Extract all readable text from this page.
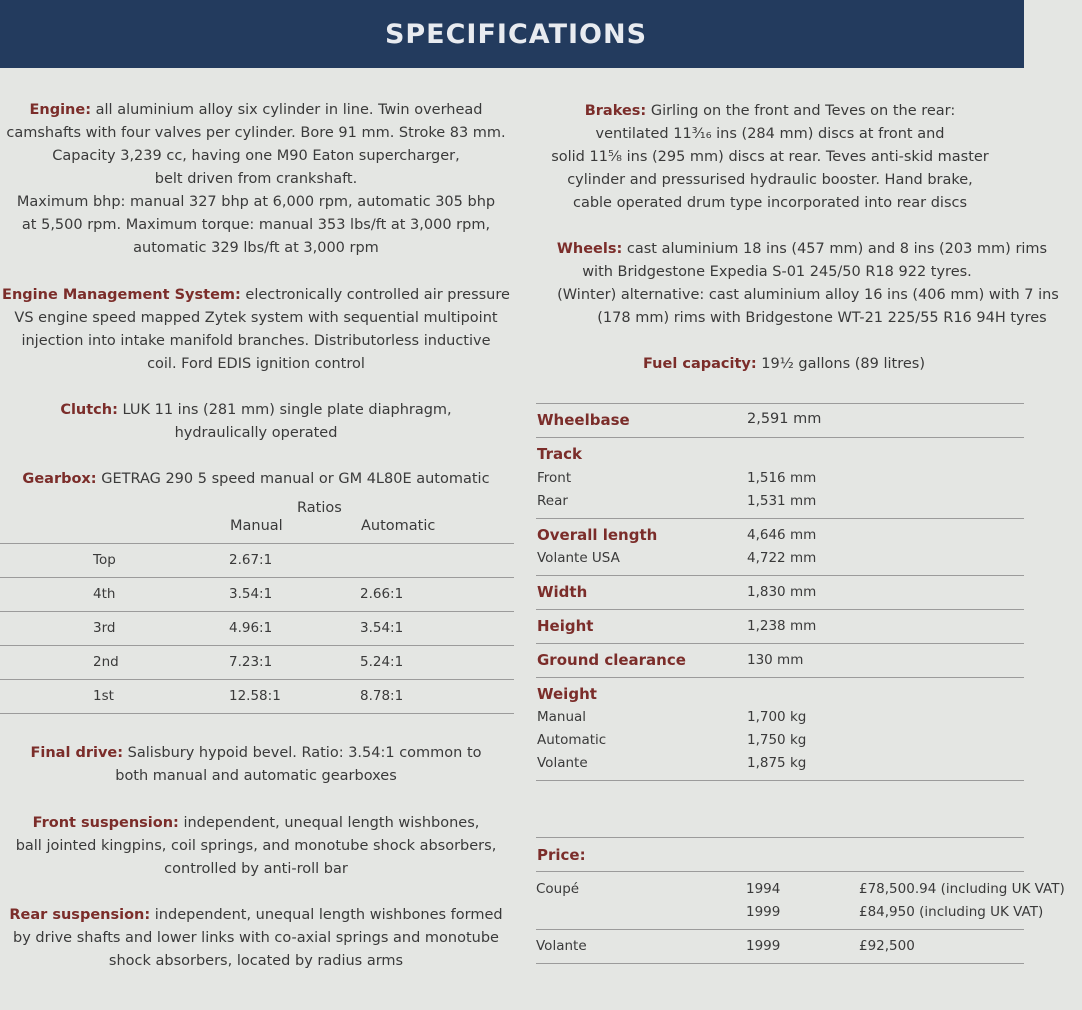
SPECIFICATIONS
Engine: all aluminium alloy six cylinder in line. Twin overhead
camshafts with four valves per cylinder. Bore 91 mm. Stroke 83 mm.
Capacity 3,239 cc, having one M90 Eaton supercharger,
belt driven from crankshaft.
Maximum bhp: manual 327 bhp at 6,000 rpm, automatic 305 bhp
at 5,500 rpm. Maximum torque: manual 353 lbs/ft at 3,000 rpm,
automatic 329 lbs/ft at 3,000 rpm
Engine Management System: electronically controlled air pressure
VS engine speed mapped Zytek system with sequential multipoint
injection into intake manifold branches. Distributorless inductive
coil. Ford EDIS ignition control
Clutch: LUK 11 ins (281 mm) single plate diaphragm,
hydraulically operated
Gearbox: GETRAG 290 5 speed manual or GM 4L80E automatic
Ratios
Manual	Automatic
Top	2.67:1
4th	3.54:1	2.66:1
3rd	4.96:1	3.54:1
2nd	7.23:1	5.24:1
1st	12.58:1	8.78:1
Final drive: Salisbury hypoid bevel. Ratio: 3.54:1 common to
both manual and automatic gearboxes
Front suspension: independent, unequal length wishbones,
ball jointed kingpins, coil springs, and monotube shock absorbers,
controlled by anti-roll bar
Rear suspension: independent, unequal length wishbones formed
by drive shafts and lower links with co-axial springs and monotube
shock absorbers, located by radius arms
Brakes: Girling on the front and Teves on the rear:
ventilated 11³⁄₁₆ ins (284 mm) discs at front and
solid 11⁵⁄₈ ins (295 mm) discs at rear. Teves anti-skid master
cylinder and pressurised hydraulic booster. Hand brake,
cable operated drum type incorporated into rear discs
Wheels: cast aluminium 18 ins (457 mm) and 8 ins (203 mm) rims
with Bridgestone Expedia S-01 245/50 R18 922 tyres.
(Winter) alternative: cast aluminium alloy 16 ins (406 mm) with 7 ins
(178 mm) rims with Bridgestone WT-21 225/55 R16 94H tyres
Fuel capacity: 19½ gallons (89 litres)
Wheelbase	2,591 mm
Track
Front	1,516 mm
Rear	1,531 mm
Overall length	4,646 mm
Volante USA	4,722 mm
Width	1,830 mm
Height	1,238 mm
Ground clearance	130 mm
Weight
Manual	1,700 kg
Automatic	1,750 kg
Volante	1,875 kg
Price:
Coupé	1994	£78,500.94 (including UK VAT)
1999	£84,950 (including UK VAT)
Volante	1999	£92,500
